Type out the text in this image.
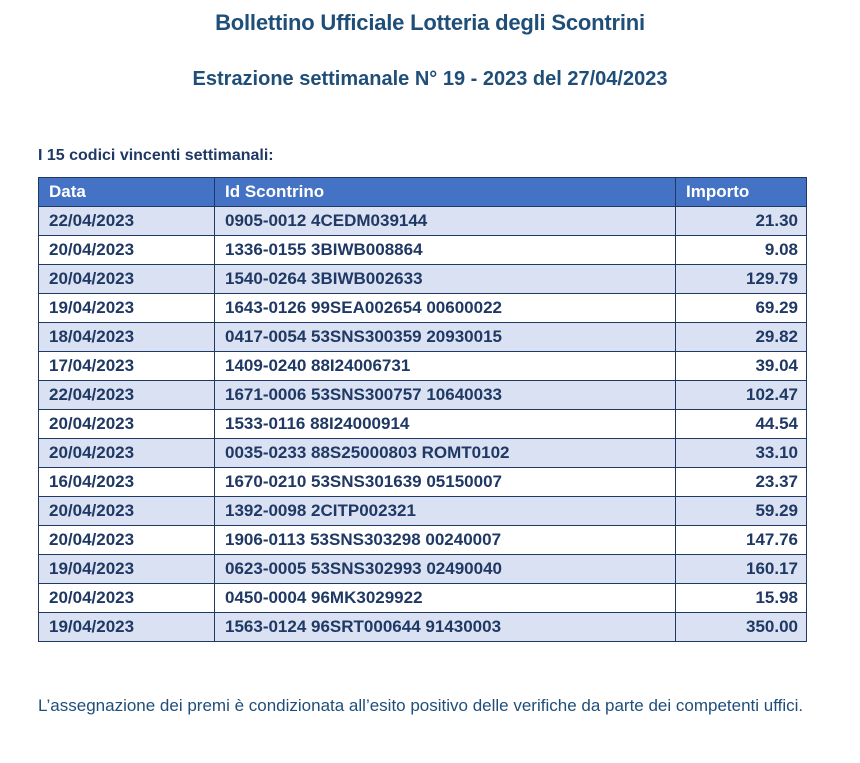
Bollettino Ufficiale Lotteria degli Scontrini
Estrazione settimanale N° 19 - 2023 del 27/04/2023
I 15 codici vincenti settimanali:
Data	Id Scontrino	Importo
22/04/2023	0905-0012 4CEDM039144	21.30
20/04/2023	1336-0155 3BIWB008864	9.08
20/04/2023	1540-0264 3BIWB002633	129.79
19/04/2023	1643-0126 99SEA002654 00600022	69.29
18/04/2023	0417-0054 53SNS300359 20930015	29.82
17/04/2023	1409-0240 88I24006731	39.04
22/04/2023	1671-0006 53SNS300757 10640033	102.47
20/04/2023	1533-0116 88I24000914	44.54
20/04/2023	0035-0233 88S25000803 ROMT0102	33.10
16/04/2023	1670-0210 53SNS301639 05150007	23.37
20/04/2023	1392-0098 2CITP002321	59.29
20/04/2023	1906-0113 53SNS303298 00240007	147.76
19/04/2023	0623-0005 53SNS302993 02490040	160.17
20/04/2023	0450-0004 96MK3029922	15.98
19/04/2023	1563-0124 96SRT000644 91430003	350.00
L’assegnazione dei premi è condizionata all’esito positivo delle verifiche da parte dei competenti uffici.
